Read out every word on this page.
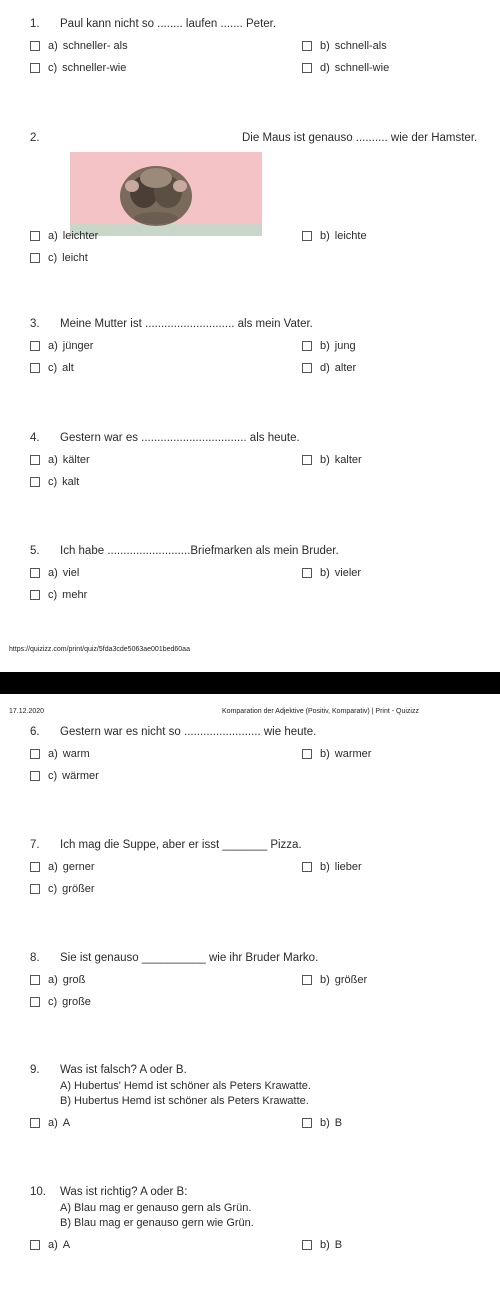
1.	Paul kann nicht so ........ laufen ....... Peter.
a) schneller- als	b) schnell-als
c) schneller-wie	d) schnell-wie
2.	Die Maus ist genauso .......... wie der Hamster.
a) leichter	b) leichte
c) leicht
3.	Meine Mutter ist ............................ als mein Vater.
a) jünger	b) jung
c) alt	d) alter
4.	Gestern war es ................................. als heute.
a) kälter	b) kalter
c) kalt
5.	Ich habe ..........................Briefmarken als mein Bruder.
a) viel	b) vieler
c) mehr
https://quizizz.com/print/quiz/5fda3cde5063ae001bed60aa
17.12.2020	Komparation der Adjektive (Positiv, Komparativ) | Print - Quizizz
6.	Gestern war es nicht so ........................ wie heute.
a) warm	b) warmer
c) wärmer
7.	Ich mag die Suppe, aber er isst _______ Pizza.
a) gerner	b) lieber
c) größer
8.	Sie ist genauso __________ wie ihr Bruder Marko.
a) groß	b) größer
c) große
9.	Was ist falsch? A oder B.
A) Hubertus' Hemd ist schöner als Peters Krawatte.
B) Hubertus Hemd ist schöner als Peters Krawatte.
a) A	b) B
10.	Was ist richtig? A oder B:
A) Blau mag er genauso gern als Grün.
B) Blau mag er genauso gern wie Grün.
a) A	b) B
